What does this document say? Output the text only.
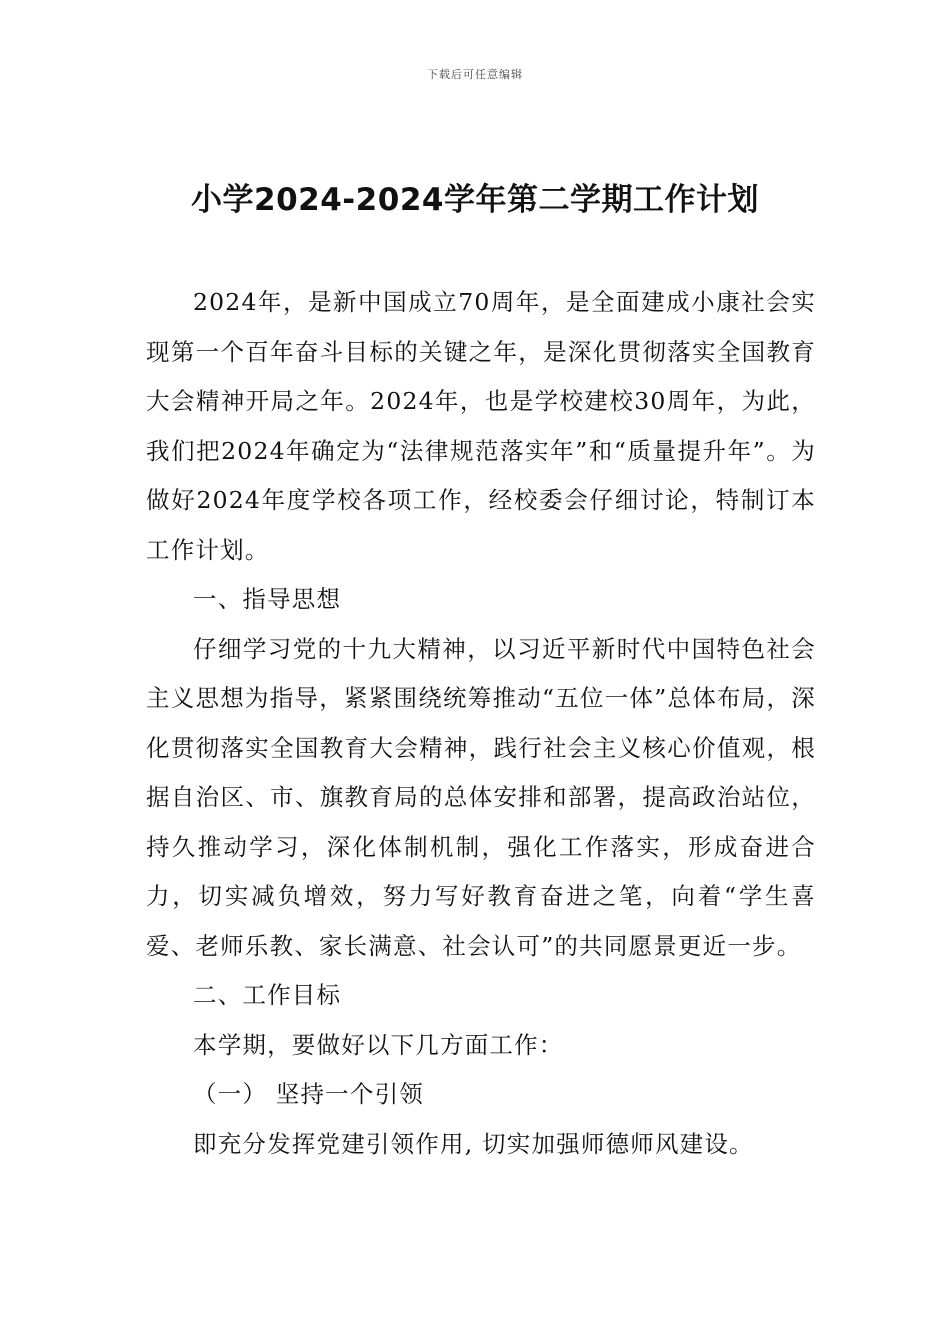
下载后可任意编辑
小学2024-2024学年第二学期工作计划

2024年，是新中国成立70周年，是全面建成小康社会实现第一个百年奋斗目标的关键之年，是深化贯彻落实全国教育大会精神开局之年。2024年，也是学校建校30周年，为此，我们把2024年确定为“法律规范落实年”和“质量提升年”。为做好2024年度学校各项工作，经校委会仔细讨论，特制订本工作计划。

一、指导思想

仔细学习党的十九大精神，以习近平新时代中国特色社会主义思想为指导，紧紧围绕统筹推动“五位一体”总体布局，深化贯彻落实全国教育大会精神，践行社会主义核心价值观，根据自治区、市、旗教育局的总体安排和部署，提高政治站位，持久推动学习，深化体制机制，强化工作落实，形成奋进合力，切实减负增效，努力写好教育奋进之笔，向着“学生喜爱、老师乐教、家长满意、社会认可”的共同愿景更近一步。

二、工作目标

本学期，要做好以下几方面工作：

（一） 坚持一个引领

即充分发挥党建引领作用, 切实加强师德师风建设。
